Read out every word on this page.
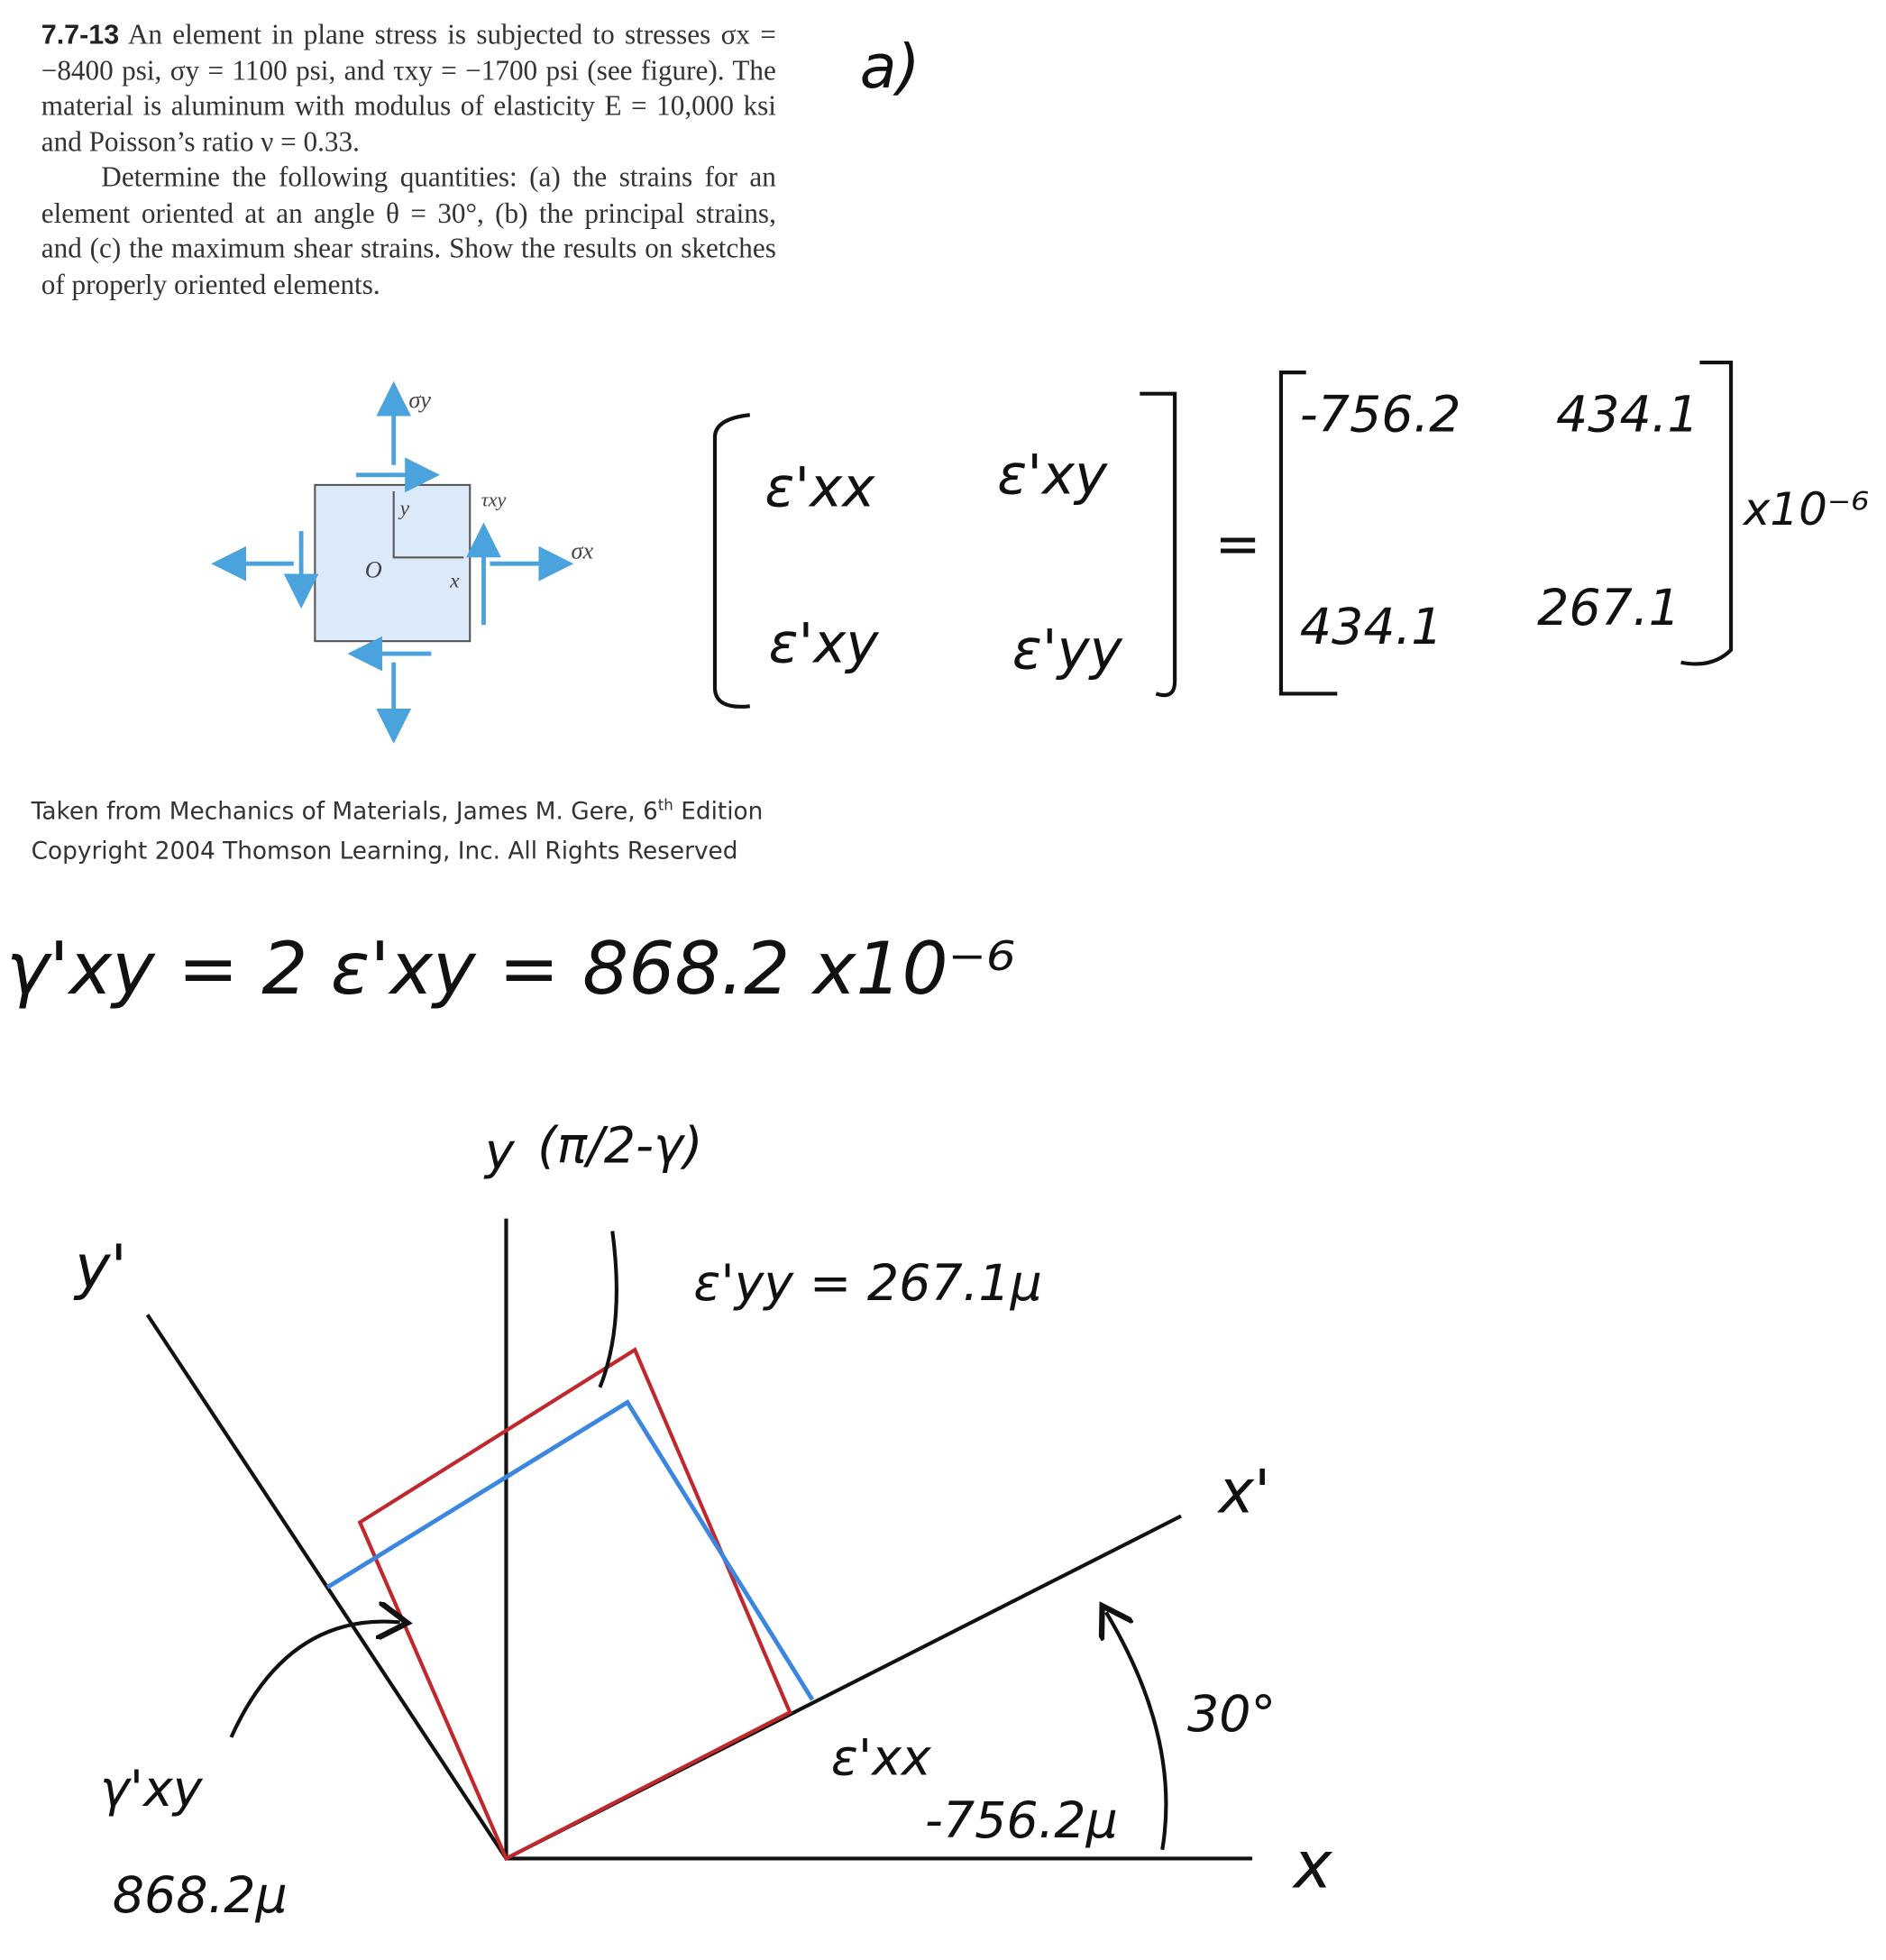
7.7-13 An element in plane stress is subjected to stresses σx = −8400 psi, σy = 1100 psi, and τxy = −1700 psi (see figure). The material is aluminum with modulus of elasticity E = 10,000 ksi and Poisson’s ratio ν = 0.33.

Determine the following quantities: (a) the strains for an element oriented at an angle θ = 30°, (b) the principal strains, and (c) the maximum shear strains. Show the results on sketches of properly oriented elements.

Taken from Mechanics of Materials, James M. Gere, 6th Edition
Copyright 2004 Thomson Learning, Inc. All Rights Reserved
σy
σx
τxy
O	x
y
a)
ε'xx	ε'xy
ε'xy	ε'yy
=
-756.2	434.1
434.1	267.1
x10⁻⁶
γ'xy = 2 ε'xy = 868.2 x10⁻⁶
y (π/2-γ)
ε'yy = 267.1μ
y'
x'
x
30°
ε'xx
-756.2μ
γ'xy
868.2μ
